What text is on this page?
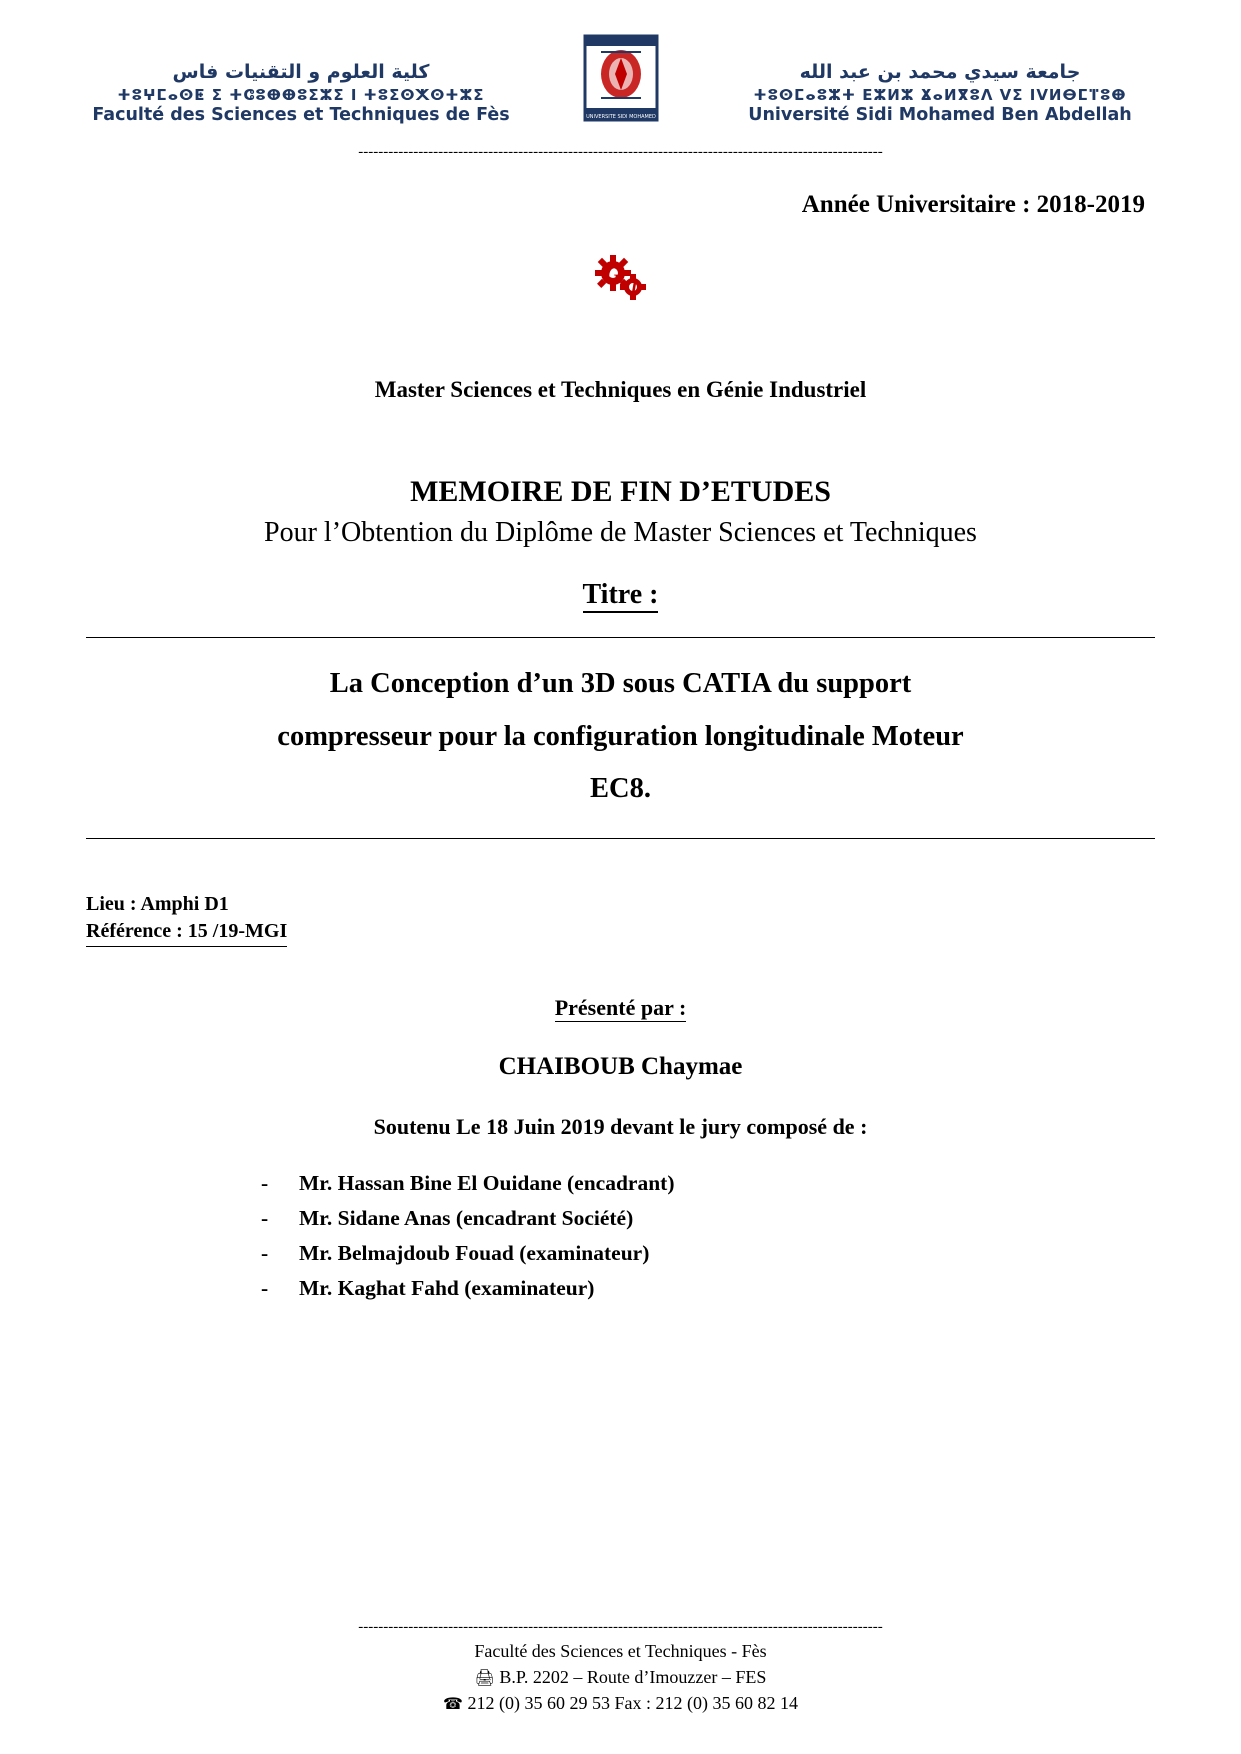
كلية العلوم و التقنيات فاس
ⵜⵓⵖⵎⴰⵙⵟ ⵉ ⵜⵛⵓⴲⴲⵓⵉⵣⵉ ⵏ ⵜⵓⵉⵙⵅⵙⵜⵣⵉ
Faculté des Sciences et Techniques de Fès	UNIVERSITE SIDI MOHAMED
جامعة سيدي محمد بن عبد الله
ⵜⵓⵙⵎⴰⵓⵣⵜ ⴹⵣⵍⵣ ⴴⴰⵍⴳⵓⴷ ⴸⵉ ⵏⴸⵍⴱⵎⴶⵓⴲ
Université Sidi Mohamed Ben Abdellah
---------------------------------------------------------------------------------------------------------
Année Universitaire : 2018-2019
G
I
Master Sciences et Techniques en Génie Industriel
MEMOIRE DE FIN D’ETUDES
Pour l’Obtention du Diplôme de Master Sciences et Techniques
Titre :

La Conception d’un 3D sous CATIA du support

compresseur pour la configuration longitudinale Moteur

EC8.

Lieu : Amphi D1
Référence : 15 /19-MGI
Présenté par :
CHAIBOUB Chaymae
Soutenu Le 18 Juin 2019 devant le jury composé de :
-	Mr. Hassan Bine El Ouidane (encadrant)
-	Mr. Sidane Anas (encadrant Société)
-	Mr. Belmajdoub Fouad (examinateur)
-	Mr. Kaghat Fahd (examinateur)
---------------------------------------------------------------------------------------------------------
Faculté des Sciences et Techniques - Fès
🖨 B.P. 2202 – Route d’Imouzzer – FES
☎ 212 (0) 35 60 29 53 Fax : 212 (0) 35 60 82 14
